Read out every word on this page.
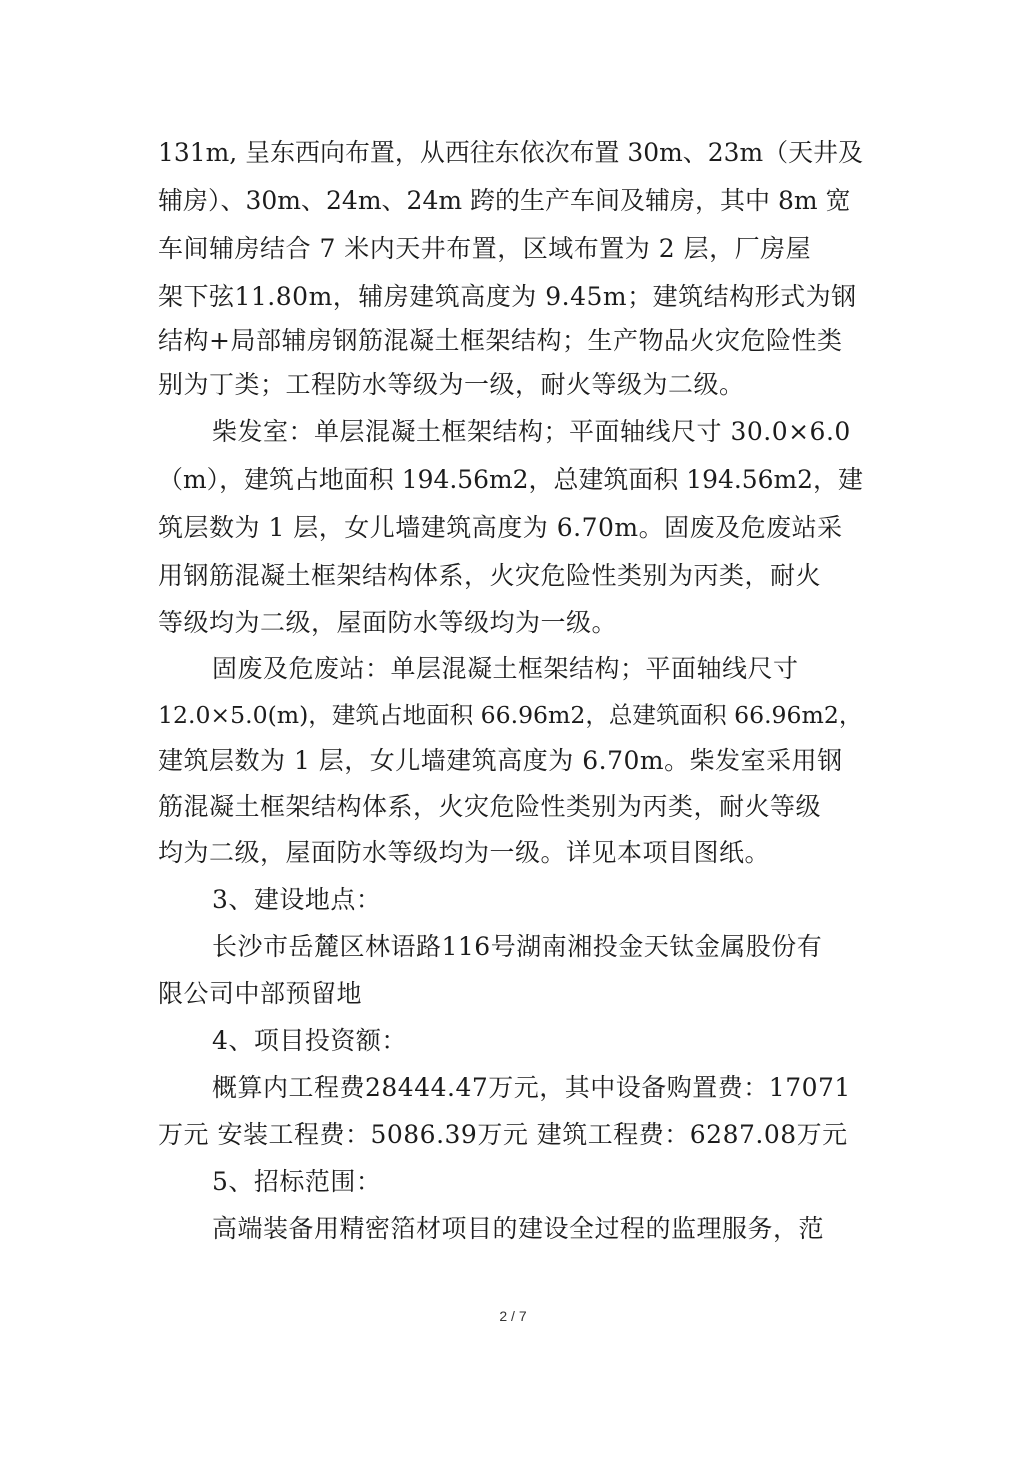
131m, 呈东西向布置，从西往东依次布置 30m、23m（天井及
辅房）、30m、24m、24m 跨的生产车间及辅房，其中 8m 宽
车间辅房结合 7 米内天井布置，区域布置为 2 层，厂房屋
架下弦11.80m，辅房建筑高度为 9.45m；建筑结构形式为钢
结构+局部辅房钢筋混凝土框架结构；生产物品火灾危险性类
别为丁类；工程防水等级为一级，耐火等级为二级。
柴发室：单层混凝土框架结构；平面轴线尺寸 30.0×6.0
（m），建筑占地面积 194.56m2，总建筑面积 194.56m2，建
筑层数为 1 层，女儿墙建筑高度为 6.70m。固废及危废站采
用钢筋混凝土框架结构体系，火灾危险性类别为丙类，耐火
等级均为二级，屋面防水等级均为一级。
固废及危废站：单层混凝土框架结构；平面轴线尺寸
12.0×5.0(m)，建筑占地面积 66.96m2，总建筑面积 66.96m2，
建筑层数为 1 层，女儿墙建筑高度为 6.70m。柴发室采用钢
筋混凝土框架结构体系，火灾危险性类别为丙类，耐火等级
均为二级，屋面防水等级均为一级。详见本项目图纸。
3、建设地点：
长沙市岳麓区林语路116号湖南湘投金天钛金属股份有
限公司中部预留地
4、项目投资额：
概算内工程费28444.47万元，其中设备购置费：17071
万元 安装工程费：5086.39万元 建筑工程费：6287.08万元
5、招标范围：
高端装备用精密箔材项目的建设全过程的监理服务，范
2 / 7
